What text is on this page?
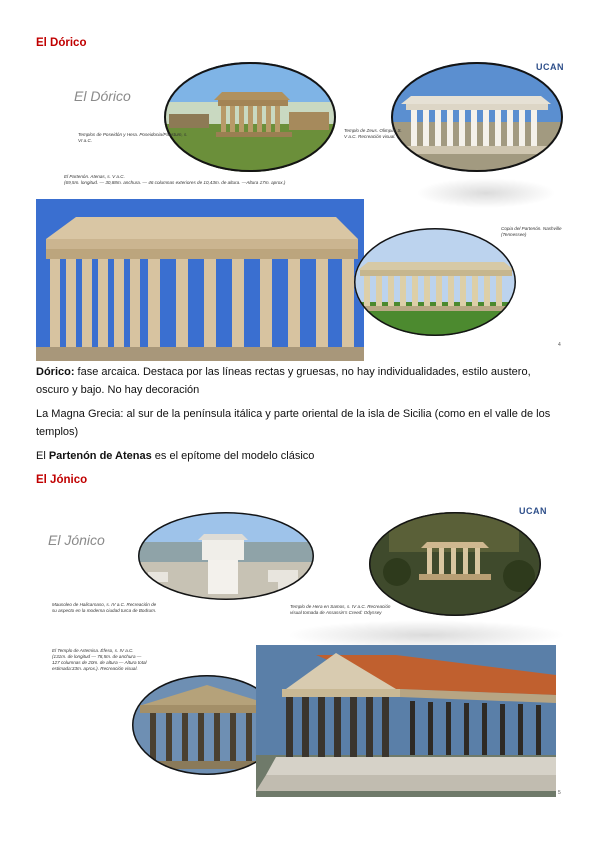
El Dórico
El Dórico
UCAN
Templos de Poseidón y Hera. Poseidonia/Paestum, s. VI a.C.
Templo de Zeus. Olimpia, S. V a.C. Recreación visual.
El Partenón. Atenas, s. V a.C.
(69,5m. longitud. — 30,88m. anchura. — 46 columnas exteriores de 10,43m. de altura. —Altura 17m. aprox.)
Copia del Partenón. Nashville (Tennessee)
4
Dórico: fase arcaica. Destaca por las líneas rectas y gruesas, no hay individualidades, estilo austero, oscuro y bajo. No hay decoración
La Magna Grecia: al sur de la península itálica y parte oriental de la isla de Sicilia (como en el valle de los templos)
El Partenón de Atenas es el epítome del modelo clásico
El Jónico
El Jónico
UCAN
Mausoleo de Halicarnaso, s. IV a.C. Recreación de su aspecto en la moderna ciudad turca de Bodrum.
Templo de Hera en Samos, s. IV a.C. Recreación visual tomada de Assassin's Creed: Odyssey
El Templo de Artemisa. Éfeso, s. IV a.C. (131m. de longitud — 78,5m. de anchura — 127 columnas de 20m. de altura — Altura total estimada:33m. aprox.). Recreación visual.
5
